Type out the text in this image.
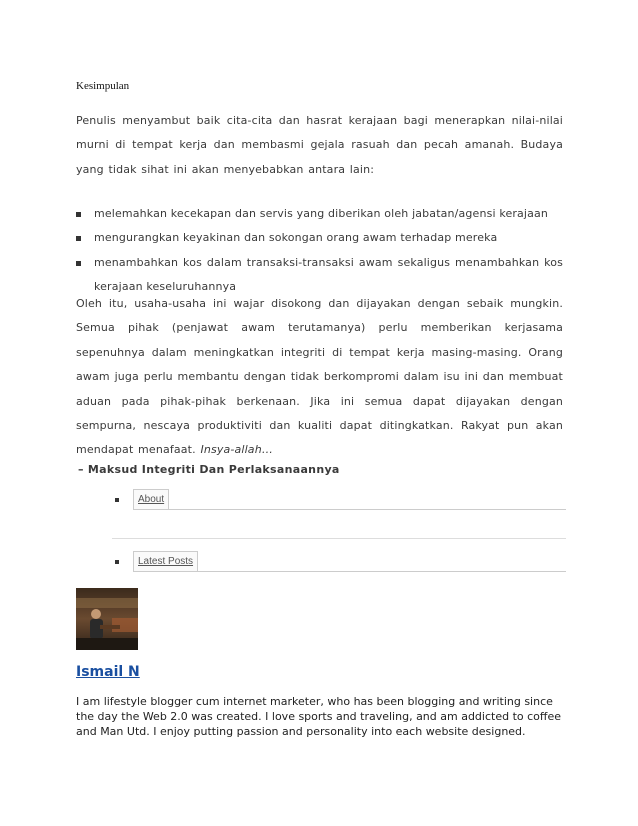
Kesimpulan
Penulis menyambut baik cita-cita dan hasrat kerajaan bagi menerapkan nilai-nilai murni di tempat kerja dan membasmi gejala rasuah dan pecah amanah. Budaya yang tidak sihat ini akan menyebabkan antara lain:
melemahkan kecekapan dan servis yang diberikan oleh jabatan/agensi kerajaan
mengurangkan keyakinan dan sokongan orang awam terhadap mereka
menambahkan kos dalam transaksi-transaksi awam sekaligus menambahkan kos kerajaan keseluruhannya
Oleh itu, usaha-usaha ini wajar disokong dan dijayakan dengan sebaik mungkin. Semua pihak (penjawat awam terutamanya) perlu memberikan kerjasama sepenuhnya dalam meningkatkan integriti di tempat kerja masing-masing. Orang awam juga perlu membantu dengan tidak berkompromi dalam isu ini dan membuat aduan pada pihak-pihak berkenaan. Jika ini semua dapat dijayakan dengan sempurna, nescaya produktiviti dan kualiti dapat ditingkatkan. Rakyat pun akan mendapat menafaat. Insya-allah…
– Maksud Integriti Dan Perlaksanaannya
About
Latest Posts
Ismail N
I am lifestyle blogger cum internet marketer, who has been blogging and writing since the day the Web 2.0 was created. I love sports and traveling, and am addicted to coffee and Man Utd. I enjoy putting passion and personality into each website designed.
